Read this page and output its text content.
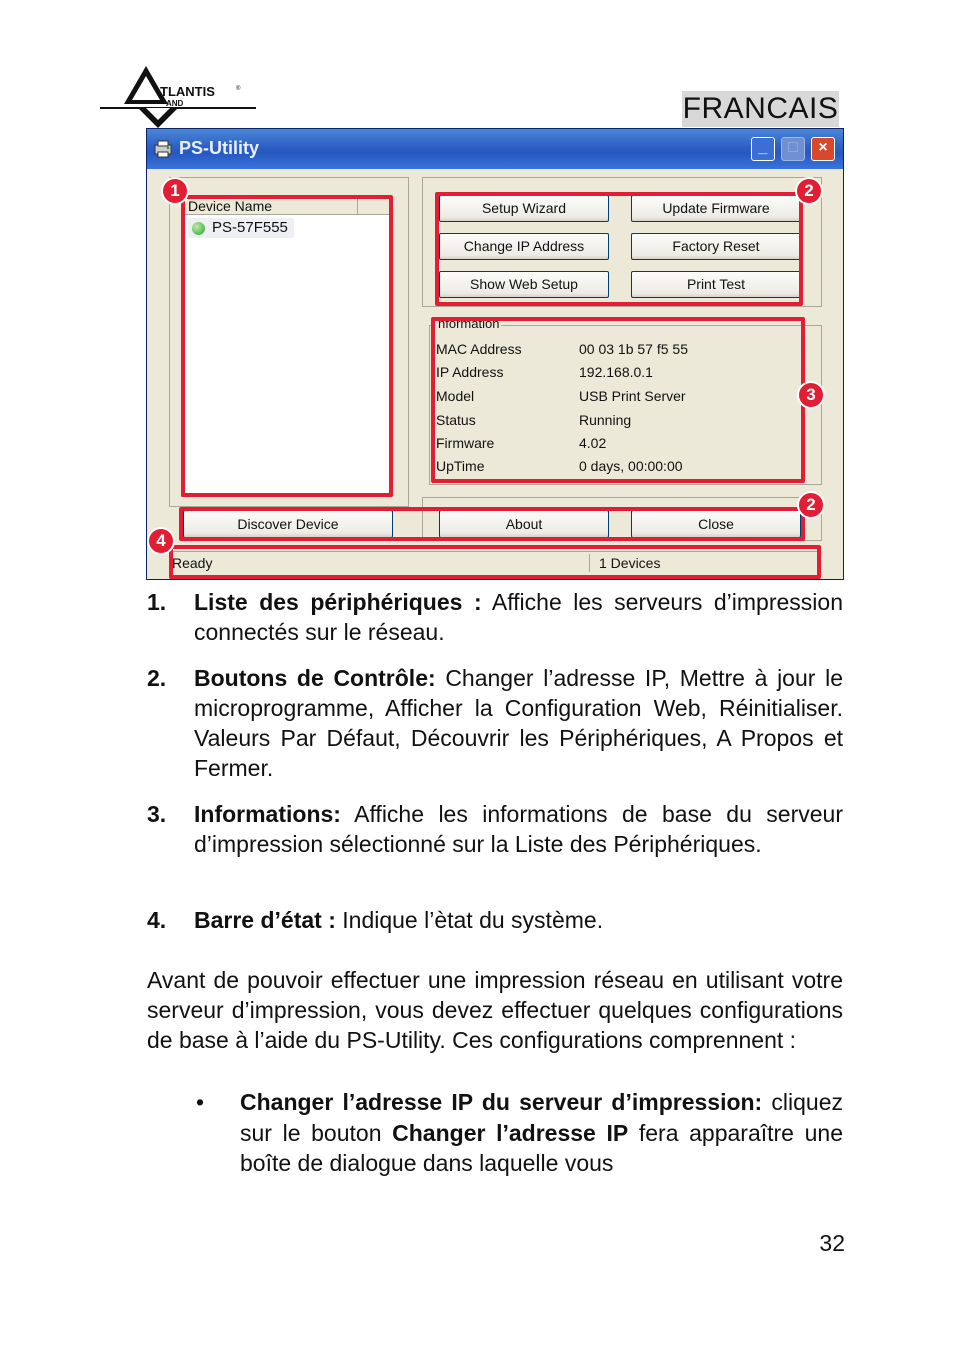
TLANTIS	®
AND	FRANCAIS
PS-Utility	_	□	×
Device Name
PS-57F555
Setup Wizard	Update Firmware
Change IP Address	Factory Reset
Show Web Setup	Print Test
nformation
MAC Address	00 03 1b 57 f5 55
IP Address	192.168.0.1
Model	USB Print Server
Status	Running
Firmware	4.02
UpTime	0 days, 00:00:00
Discover Device	About	Close
Ready	1 Devices
1	2
3
2
4
1. Liste des périphériques : Affiche les serveurs d’impression connectés sur le réseau.
2. Boutons de Contrôle: Changer l’adresse IP, Mettre à jour le microprogramme, Afficher la Configuration Web, Réinitialiser. Valeurs Par Défaut, Découvrir les Périphériques, A Propos et Fermer.
3. Informations: Affiche les informations de base du serveur d’impression sélectionné sur la Liste des Périphériques.
4. Barre d’état : Indique l’ètat du système.
Avant de pouvoir effectuer une impression réseau en utilisant votre serveur d’impression, vous devez effectuer quelques configurations de base à l’aide du PS-Utility. Ces configurations comprennent :
• Changer l’adresse IP du serveur d’impression: cliquez sur le bouton Changer l’adresse IP fera apparaître une boîte de dialogue dans laquelle vous
32
